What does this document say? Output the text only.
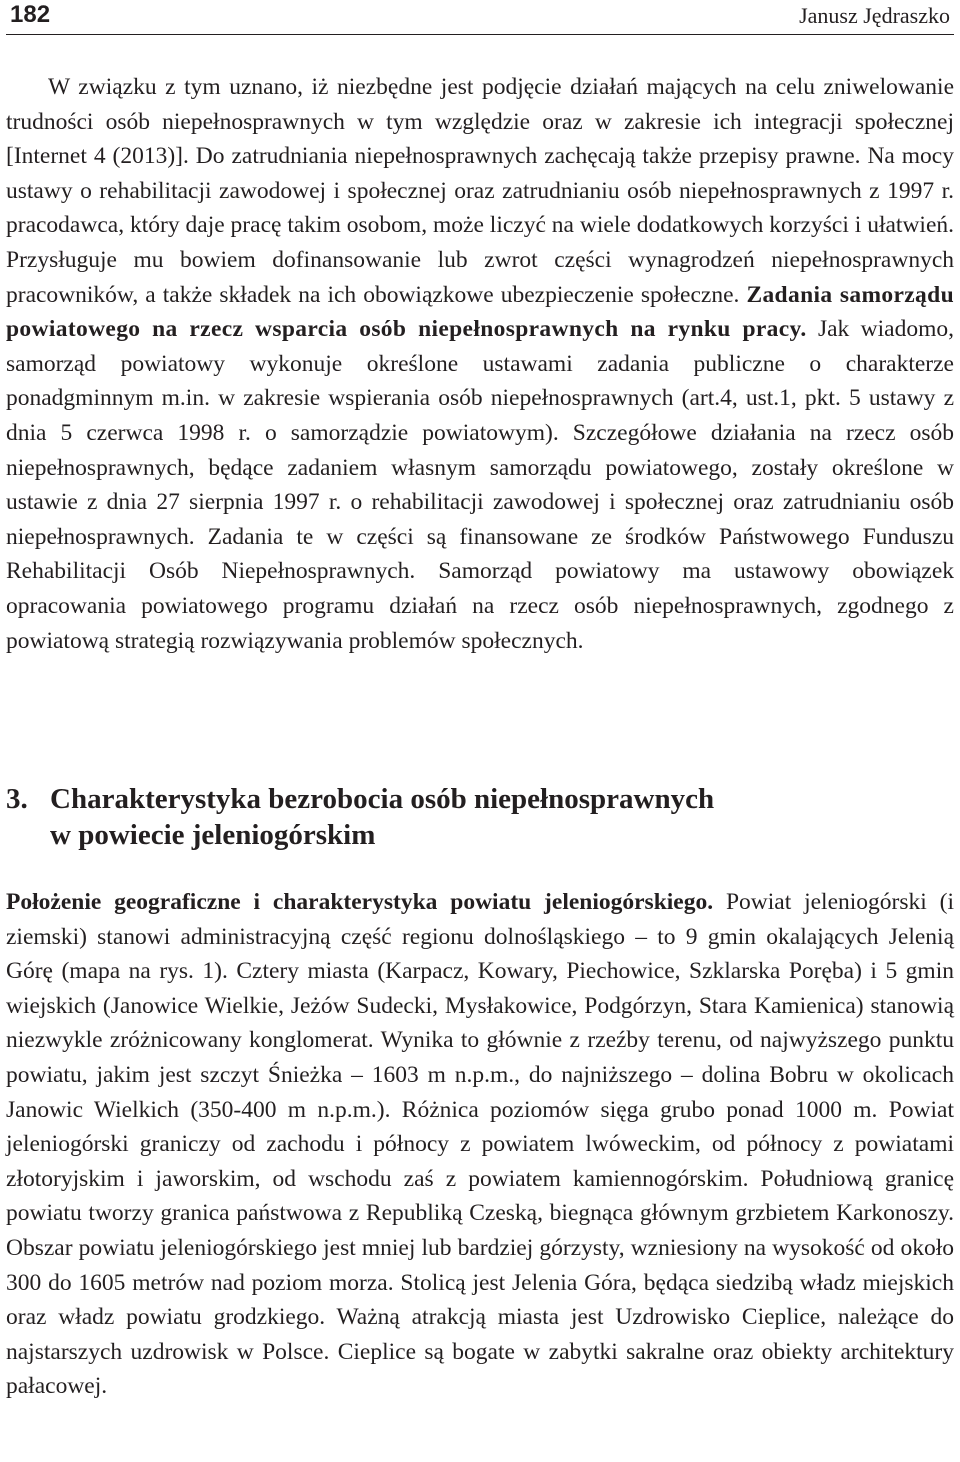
182	Janusz Jędraszko
W związku z tym uznano, iż niezbędne jest podjęcie działań mających na celu zniwelowanie trudności osób niepełnosprawnych w tym względzie oraz w zakresie ich integracji społecznej [Internet 4 (2013)]. Do zatrudniania niepełnosprawnych zachęcają także przepisy prawne. Na mocy ustawy o rehabilitacji zawodowej i społecznej oraz zatrudnianiu osób niepełnosprawnych z 1997 r. pracodawca, który daje pracę takim osobom, może liczyć na wiele dodatkowych korzyści i ułatwień. Przysługuje mu bowiem dofinansowanie lub zwrot części wynagrodzeń niepełnosprawnych pracowników, a także składek na ich obowiązkowe ubezpieczenie społeczne. Zadania samorządu powiatowego na rzecz wsparcia osób niepełnosprawnych na rynku pracy. Jak wiadomo, samorząd powiatowy wykonuje określone ustawami zadania publiczne o charakterze ponadgminnym m.in. w zakresie wspierania osób niepełnosprawnych (art.4, ust.1, pkt. 5 ustawy z dnia 5 czerwca 1998 r. o samorządzie powiatowym). Szczegółowe działania na rzecz osób niepełnosprawnych, będące zadaniem własnym samorządu powiatowego, zostały określone w ustawie z dnia 27 sierpnia 1997 r. o rehabilitacji zawodowej i społecznej oraz zatrudnianiu osób niepełnosprawnych. Zadania te w części są finansowane ze środków Państwowego Funduszu Rehabilitacji Osób Niepełnosprawnych. Samorząd powiatowy ma ustawowy obowiązek opracowania powiatowego programu działań na rzecz osób niepełnosprawnych, zgodnego z powiatową strategią rozwiązywania problemów społecznych.
3. Charakterystyka bezrobocia osób niepełnosprawnych
w powiecie jeleniogórskim
Położenie geograficzne i charakterystyka powiatu jeleniogórskiego. Powiat jeleniogórski (i ziemski) stanowi administracyjną część regionu dolnośląskiego – to 9 gmin okalających Jelenią Górę (mapa na rys. 1). Cztery miasta (Karpacz, Kowary, Piechowice, Szklarska Poręba) i 5 gmin wiejskich (Janowice Wielkie, Jeżów Sudecki, Mysłakowice, Podgórzyn, Stara Kamienica) stanowią niezwykle zróżnicowany konglomerat. Wynika to głównie z rzeźby terenu, od najwyższego punktu powiatu, jakim jest szczyt Śnieżka – 1603 m n.p.m., do najniższego – dolina Bobru w okolicach Janowic Wielkich (350-400 m n.p.m.). Różnica poziomów sięga grubo ponad 1000 m. Powiat jeleniogórski graniczy od zachodu i północy z powiatem lwóweckim, od północy z powiatami złotoryjskim i jaworskim, od wschodu zaś z powiatem kamiennogórskim. Południową granicę powiatu tworzy granica państwowa z Republiką Czeską, biegnąca głównym grzbietem Karkonoszy. Obszar powiatu jeleniogórskiego jest mniej lub bardziej górzysty, wzniesiony na wysokość od około 300 do 1605 metrów nad poziom morza. Stolicą jest Jelenia Góra, będąca siedzibą władz miejskich oraz władz powiatu grodzkiego. Ważną atrakcją miasta jest Uzdrowisko Cieplice, należące do najstarszych uzdrowisk w Polsce. Cieplice są bogate w zabytki sakralne oraz obiekty architektury pałacowej.
